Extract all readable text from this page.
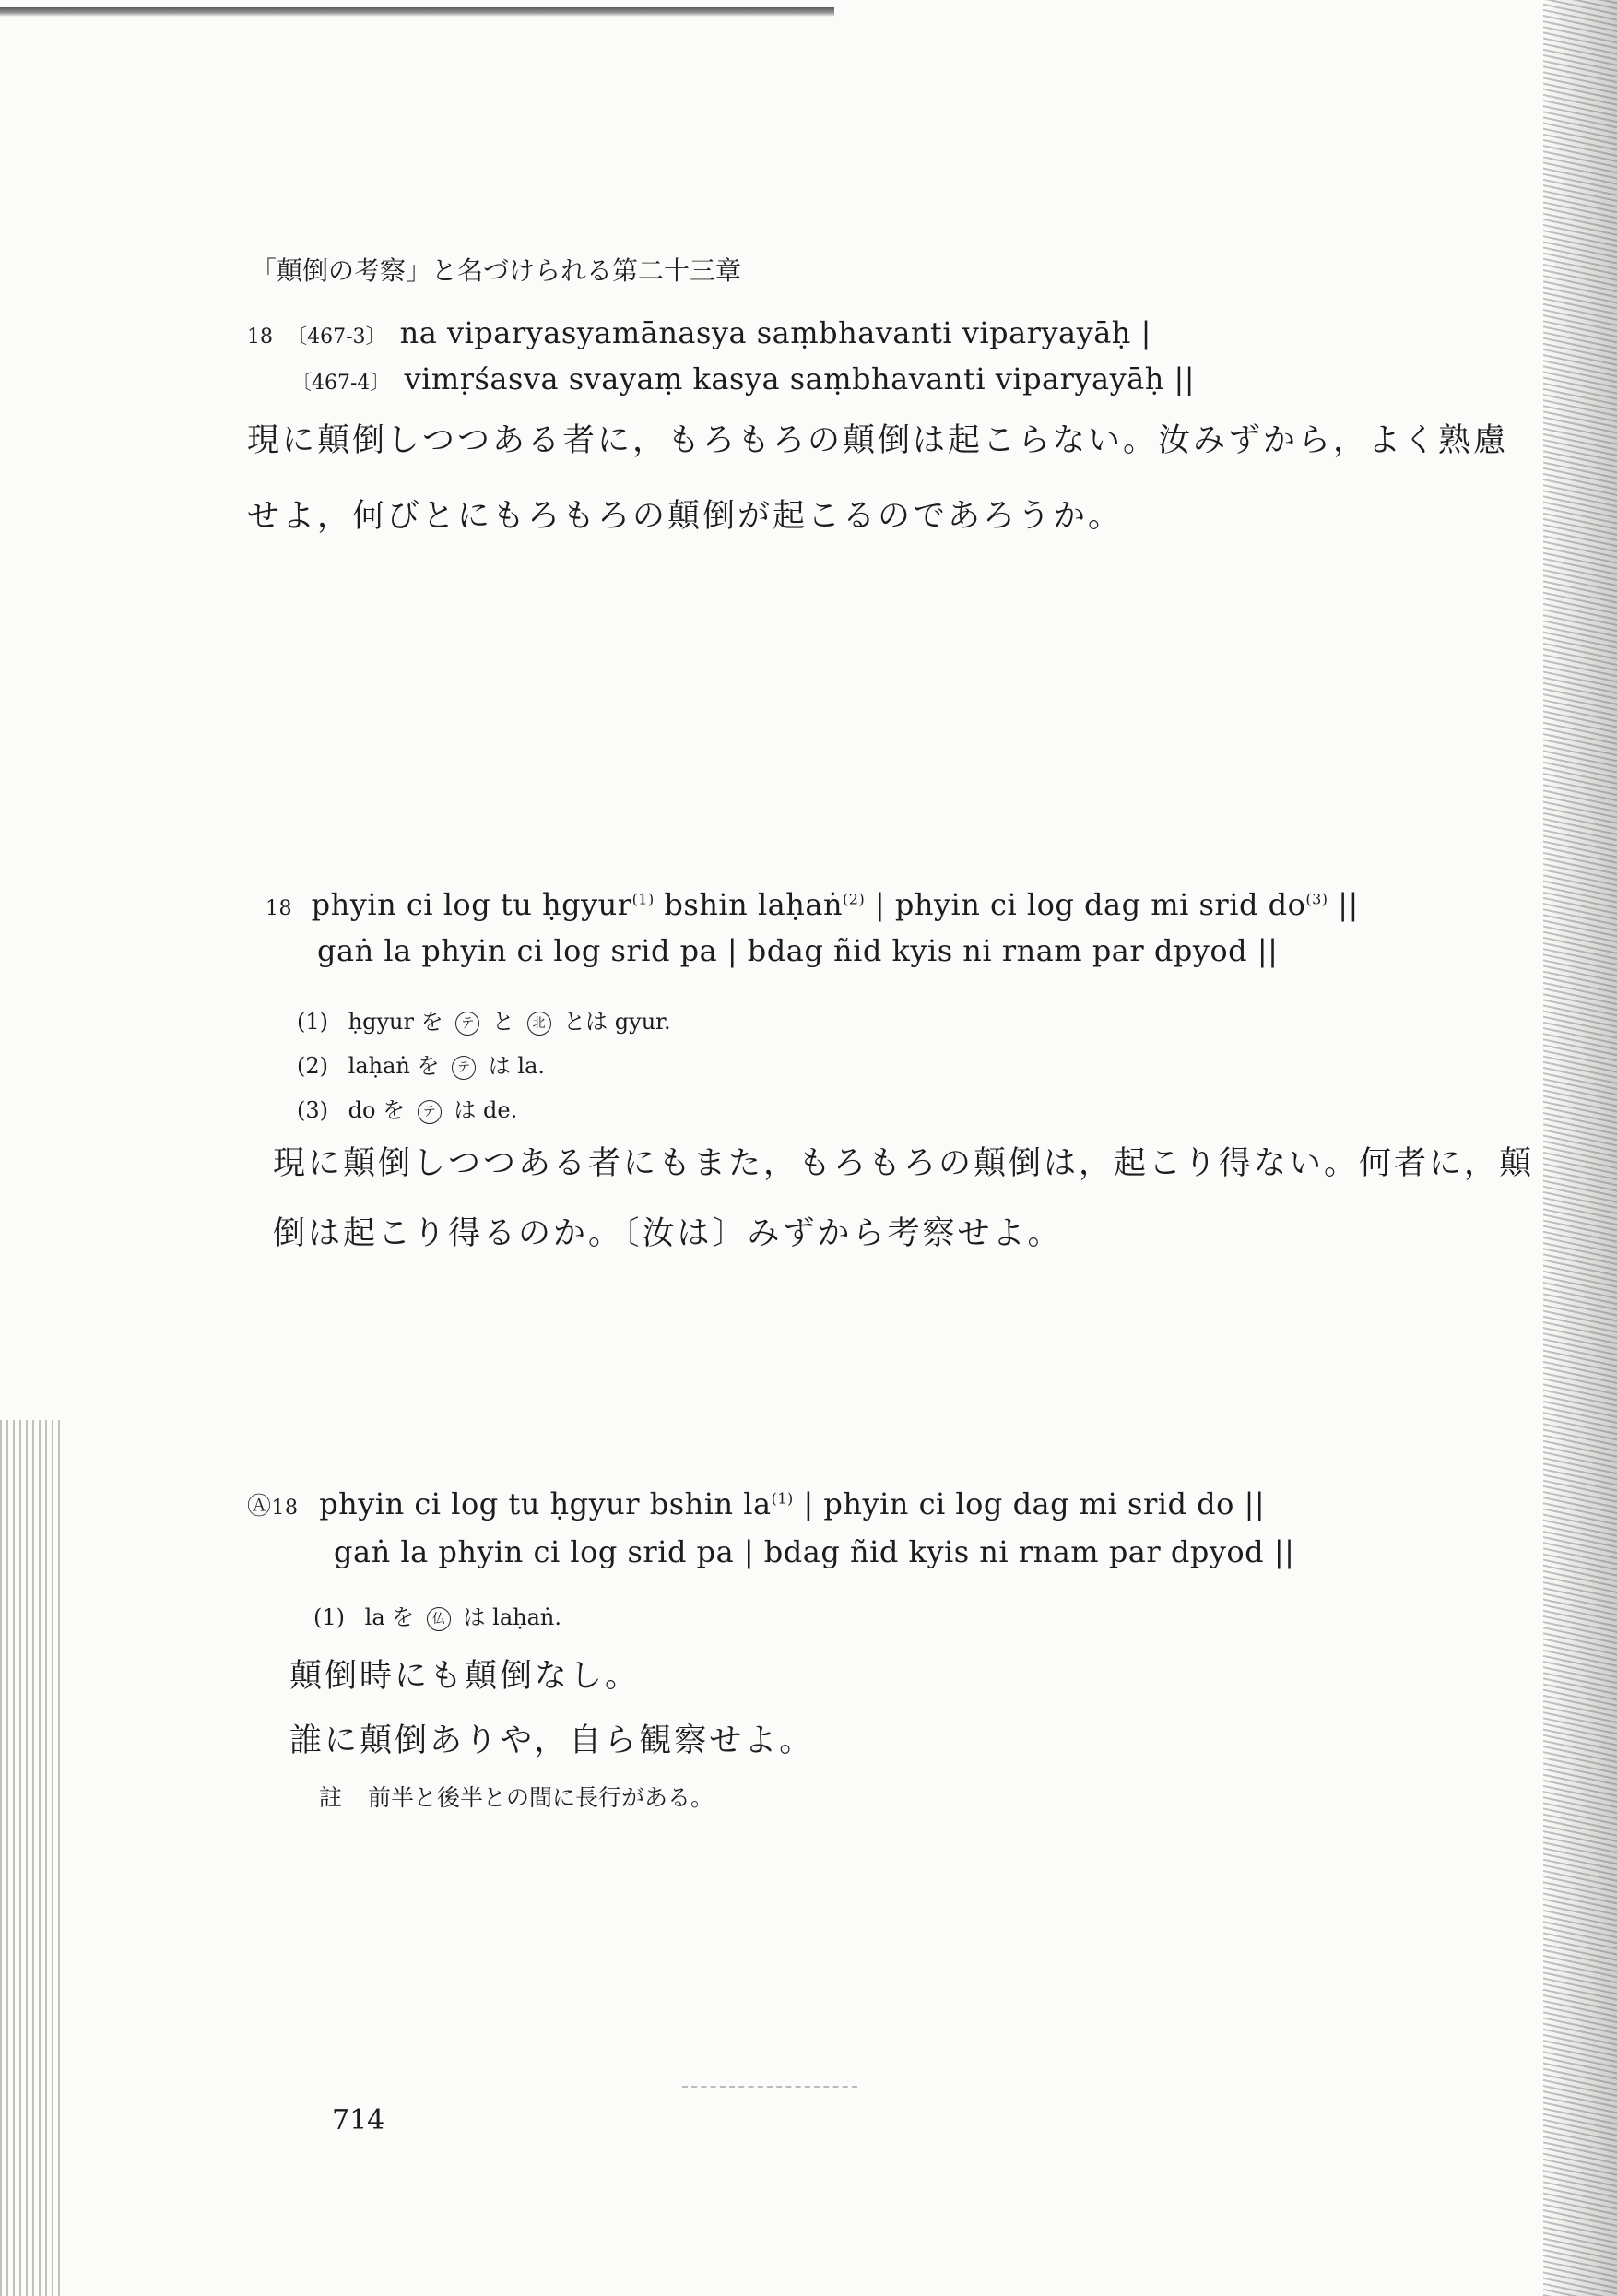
「顛倒の考察」と名づけられる第二十三章
18 〔467-3〕 na viparyasyamānasya saṃbhavanti viparyayāḥ |
〔467-4〕 vimṛśasva svayaṃ kasya saṃbhavanti viparyayāḥ ||
現に顛倒しつつある者に，もろもろの顛倒は起こらない。汝みずから，よく熟慮
せよ，何びとにもろもろの顛倒が起こるのであろうか。
18 phyin ci log tu ḥgyur$^{(1)}$ bshin laḥaṅ$^{(2)}$ | phyin ci log dag mi srid $do^{(3)}$ ||
gaṅ la phyin ci log srid pa | bdag ñid kyis ni rnam par dpyod ||
(1) ḥgyur を テ と 北 とは gyur.
(2) laḥaṅ を テ は la.
(3) do を テ は de.
現に顛倒しつつある者にもまた，もろもろの顛倒は，起こり得ない。何者に，顛
倒は起こり得るのか。〔汝は〕みずから考察せよ。
Ⓐ18 phyin ci log tu ḥgyur bshin $la^{(1)}$ | phyin ci log dag mi srid do ||
gaṅ la phyin ci log srid pa | bdag ñid kyis ni rnam par dpyod ||
(1) la を 仏 は laḥaṅ.
顛倒時にも顛倒なし。
誰に顛倒ありや，自ら観察せよ。
註 前半と後半との間に長行がある。
714
